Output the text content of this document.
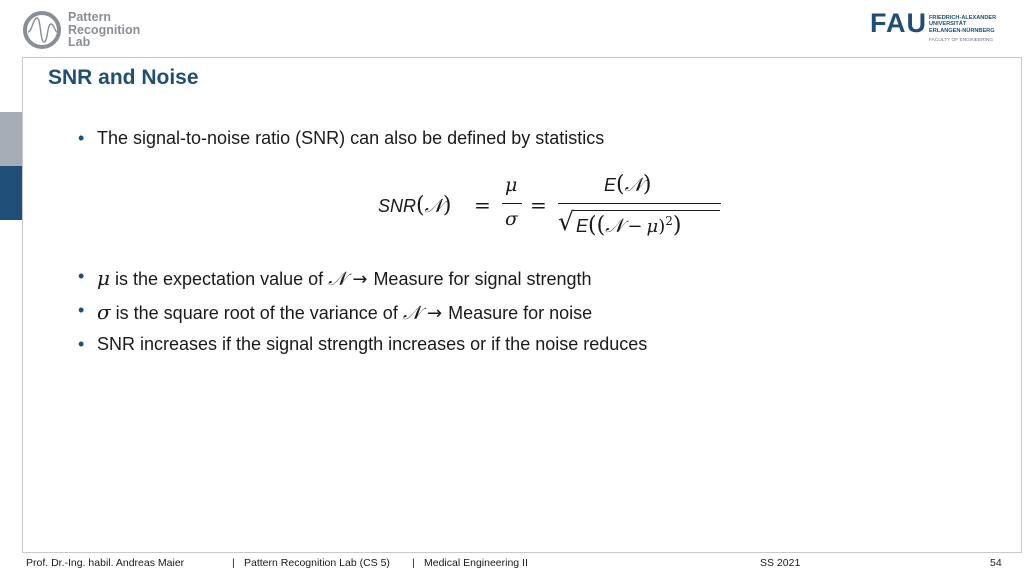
Pattern
Recognition
Lab
FAU FRIEDRICH-ALEXANDER
UNIVERSITÄT
ERLANGEN-NÜRNBERG
FACULTY OF ENGINEERING
SNR and Noise
• The signal-to-noise ratio (SNR) can also be defined by statistics
SNR(𝒩) =
μ
σ
=
E(𝒩)
√ E((𝒩 − μ)$^2$)
• μ is the expectation value of 𝒩 → Measure for signal strength
• σ is the square root of the variance of 𝒩 → Measure for noise
• SNR increases if the signal strength increases or if the noise reduces
Prof. Dr.-Ing. habil. Andreas Maier	| Pattern Recognition Lab (CS 5) | Medical Engineering II	SS 2021	54
